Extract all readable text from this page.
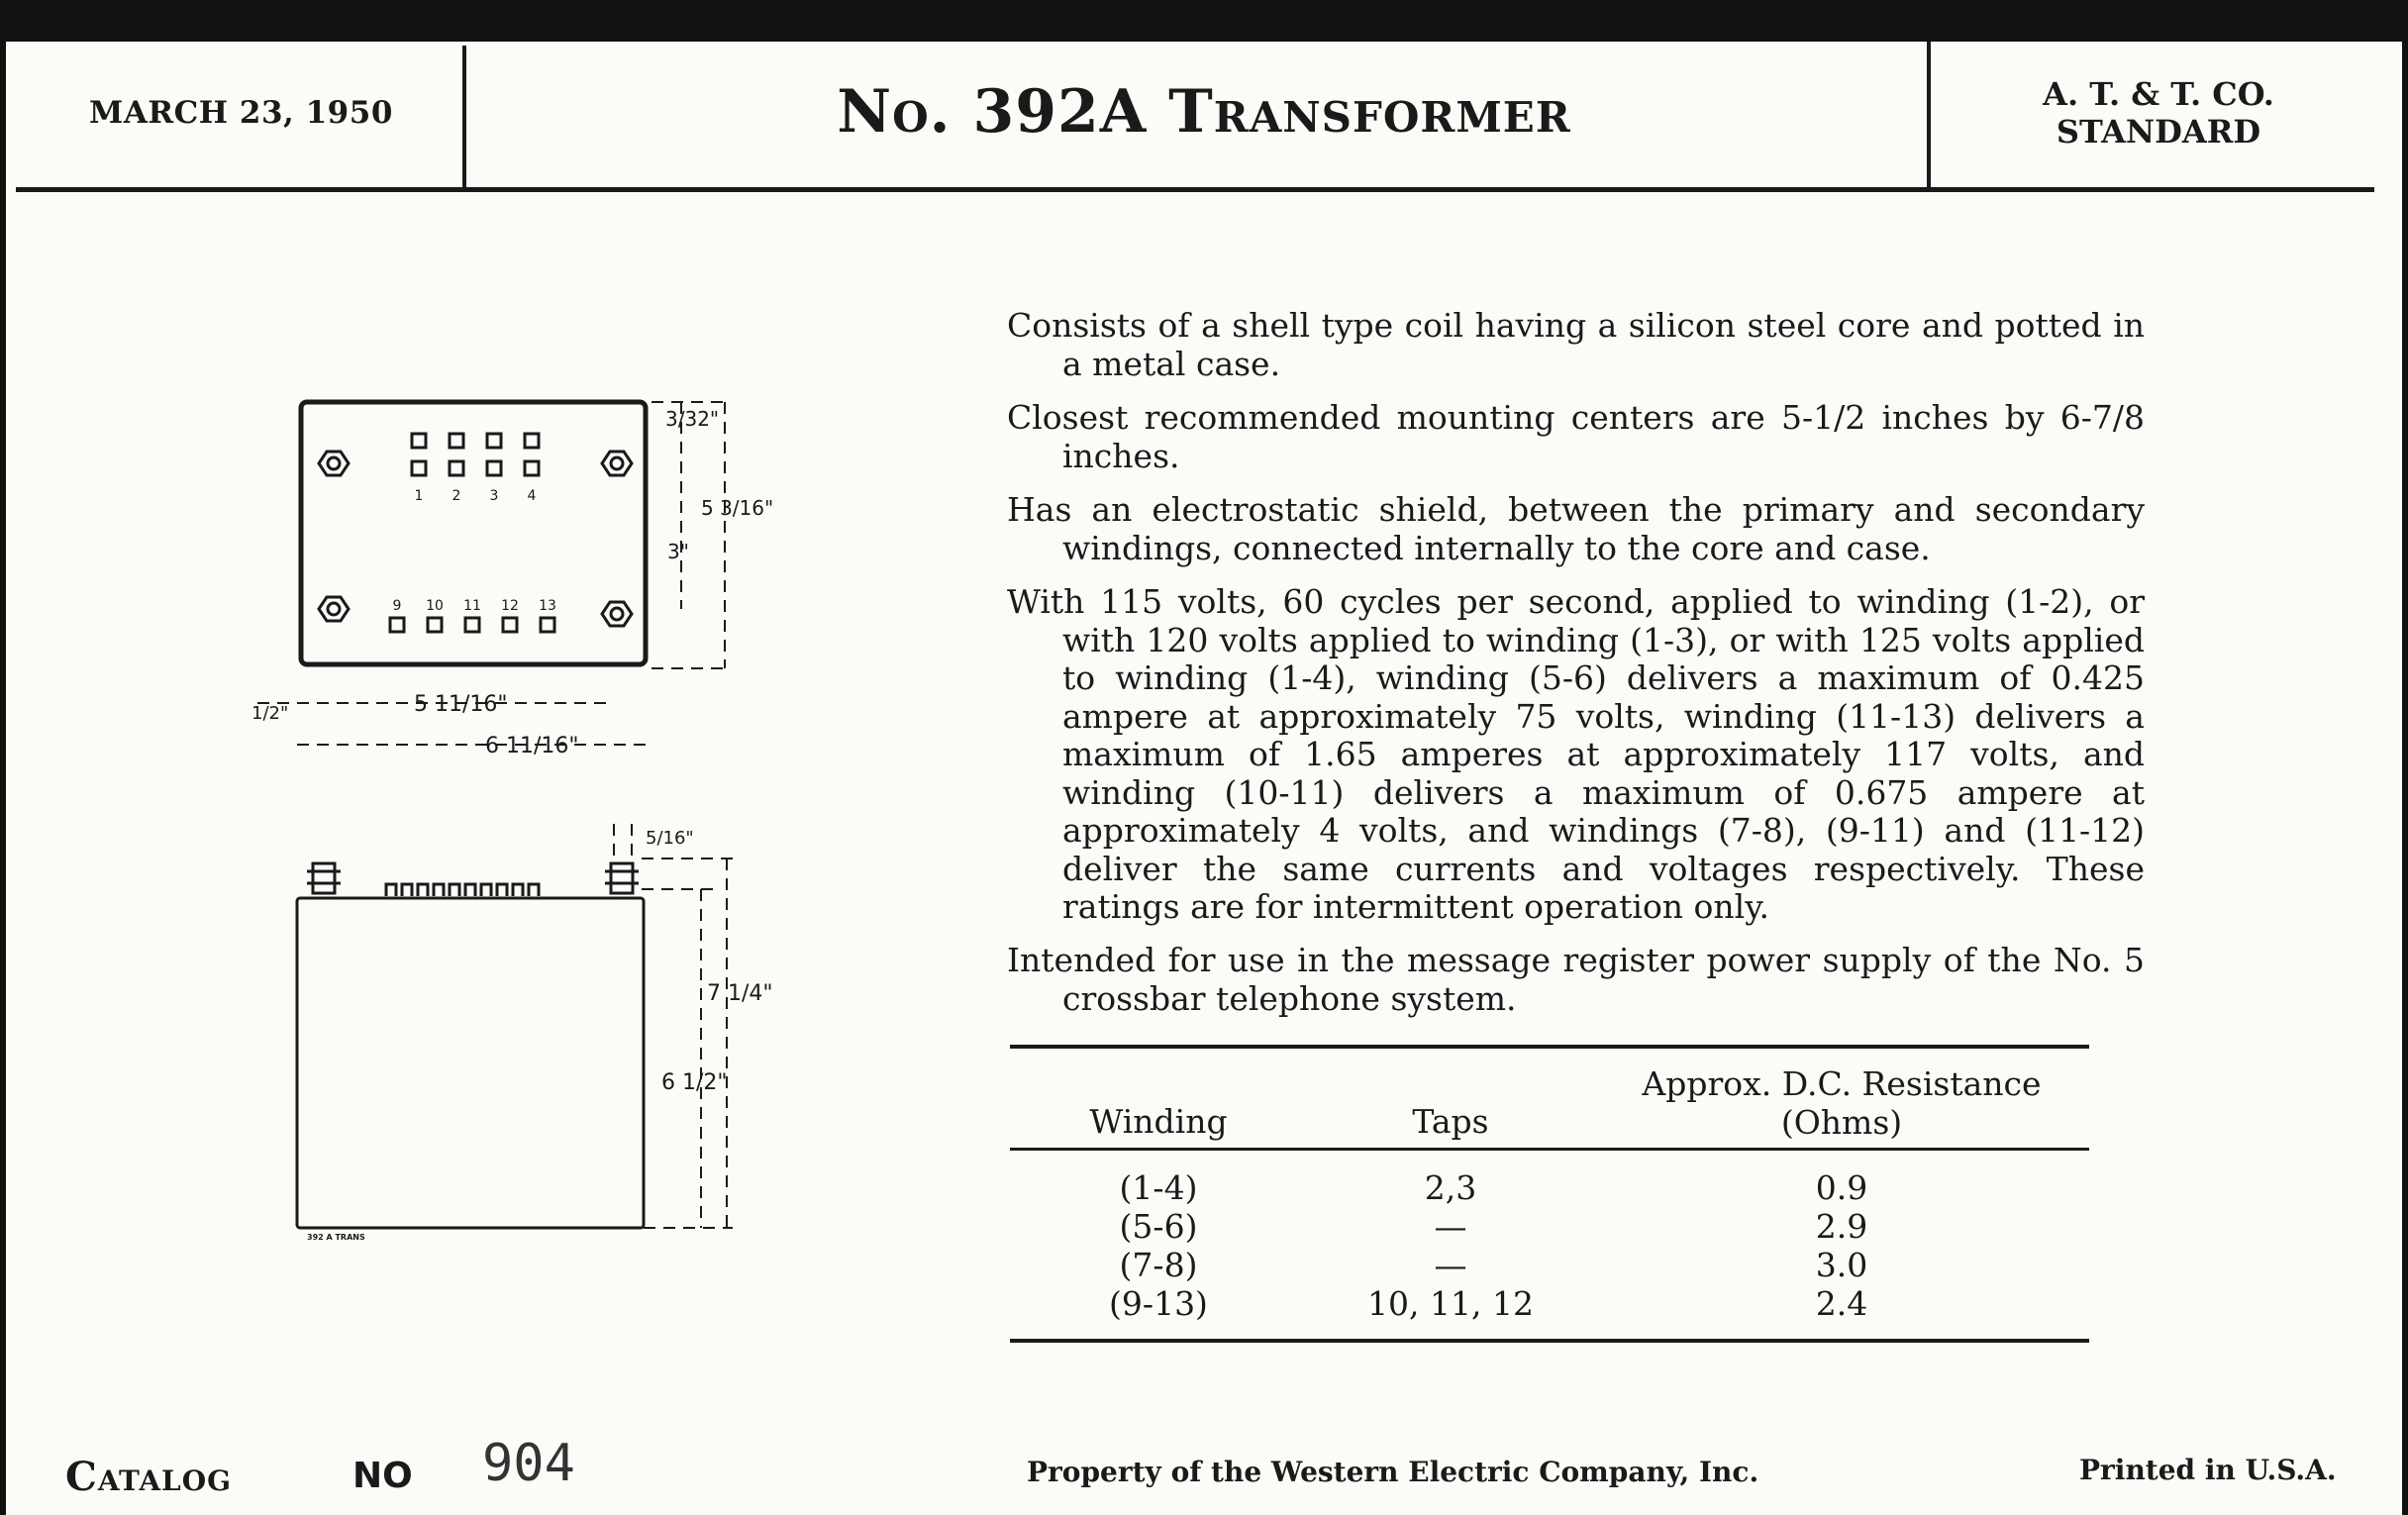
MARCH 23, 1950	No. 392A Transformer	A. T. & T. CO.
STANDARD
1 2 3 4
9 10 11 12 13
3/32"
5 3/16"
3"
1/2"	5 11/16"
6 11/16"
5/16"
7 1/4"
6 1/2"
392 A TRANS
Consists of a shell type coil having a silicon steel core and potted in a metal case.
Closest recommended mounting centers are 5-1/2 inches by 6-7/8 inches.
Has an electrostatic shield, between the primary and secondary windings, connected internally to the core and case.
With 115 volts, 60 cycles per second, applied to winding (1-2), or with 120 volts applied to winding (1-3), or with 125 volts applied to winding (1-4), winding (5-6) delivers a maximum of 0.425 ampere at approximately 75 volts, winding (11-13) delivers a maximum of 1.65 amperes at approximately 117 volts, and winding (10-11) delivers a maximum of 0.675 ampere at approximately 4 volts, and windings (7-8), (9-11) and (11-12) deliver the same currents and voltages respectively. These ratings are for intermittent operation only.
Intended for use in the message register power supply of the No. 5 crossbar telephone system.
Winding	Taps
Approx. D.C. Resistance
(Ohms)
(1-4)	2,3	0.9
(5-6)	—	2.9
(7-8)	—	3.0
(9-13)	10, 11, 12	2.4
Catalog	NO 904	Property of the Western Electric Company, Inc.	Printed in U.S.A.
